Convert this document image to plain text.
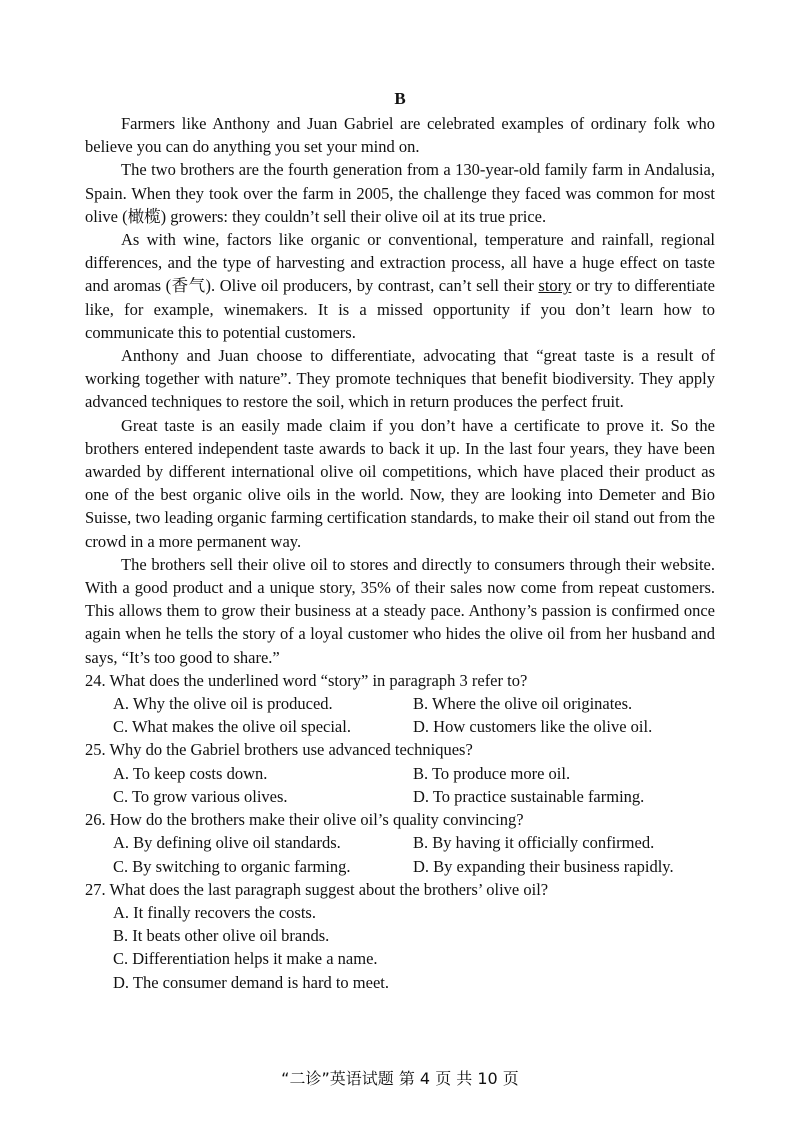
B

Farmers like Anthony and Juan Gabriel are celebrated examples of ordinary folk who believe you can do anything you set your mind on.

The two brothers are the fourth generation from a 130-year-old family farm in Andalusia, Spain. When they took over the farm in 2005, the challenge they faced was common for most olive (橄榄) growers: they couldn’t sell their olive oil at its true price.

As with wine, factors like organic or conventional, temperature and rainfall, regional differences, and the type of harvesting and extraction process, all have a huge effect on taste and aromas (香气). Olive oil producers, by contrast, can’t sell their story or try to differentiate like, for example, winemakers. It is a missed opportunity if you don’t learn how to communicate this to potential customers.

Anthony and Juan choose to differentiate, advocating that “great taste is a result of working together with nature”. They promote techniques that benefit biodiversity. They apply advanced techniques to restore the soil, which in return produces the perfect fruit.

Great taste is an easily made claim if you don’t have a certificate to prove it. So the brothers entered independent taste awards to back it up. In the last four years, they have been awarded by different international olive oil competitions, which have placed their product as one of the best organic olive oils in the world. Now, they are looking into Demeter and Bio Suisse, two leading organic farming certification standards, to make their oil stand out from the crowd in a more permanent way.

The brothers sell their olive oil to stores and directly to consumers through their website. With a good product and a unique story, 35% of their sales now come from repeat customers. This allows them to grow their business at a steady pace. Anthony’s passion is confirmed once again when he tells the story of a loyal customer who hides the olive oil from her husband and says, “It’s too good to share.”

24. What does the underlined word “story” in paragraph 3 refer to?

A. Why the olive oil is produced.	B. Where the olive oil originates.
C. What makes the olive oil special.	D. How customers like the olive oil.

25. Why do the Gabriel brothers use advanced techniques?

A. To keep costs down.	B. To produce more oil.
C. To grow various olives.	D. To practice sustainable farming.

26. How do the brothers make their olive oil’s quality convincing?

A. By defining olive oil standards.	B. By having it officially confirmed.
C. By switching to organic farming.	D. By expanding their business rapidly.

27. What does the last paragraph suggest about the brothers’ olive oil?

A. It finally recovers the costs.
B. It beats other olive oil brands.
C. Differentiation helps it make a name.
D. The consumer demand is hard to meet.
“二诊”英语试题 第 4 页 共 10 页
